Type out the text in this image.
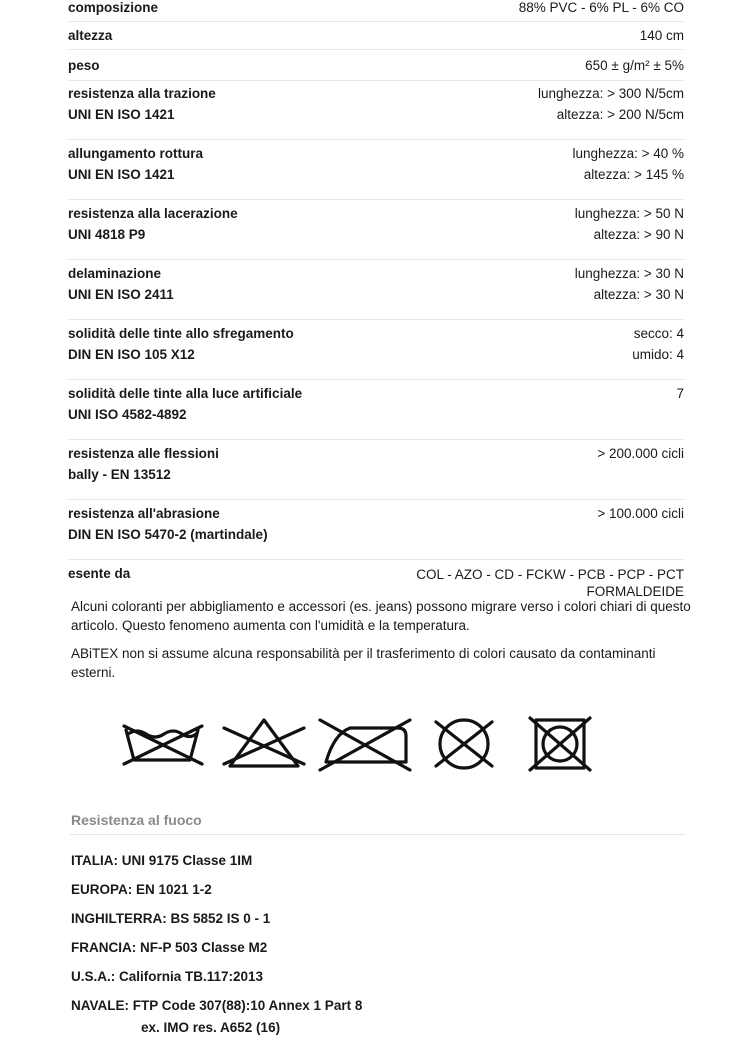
composizione	88% PVC - 6% PL - 6% CO
altezza	140 cm
peso	650 ± g/m² ± 5%
resistenza alla trazione	lunghezza: > 300 N/5cm
UNI EN ISO 1421	altezza: > 200 N/5cm
allungamento rottura	lunghezza: > 40 %
UNI EN ISO 1421	altezza: > 145 %
resistenza alla lacerazione	lunghezza: > 50 N
UNI 4818 P9	altezza: > 90 N
delaminazione	lunghezza: > 30 N
UNI EN ISO 2411	altezza: > 30 N
solidità delle tinte allo sfregamento	secco: 4
DIN EN ISO 105 X12	umido: 4
solidità delle tinte alla luce artificiale	7
UNI ISO 4582-4892
resistenza alle flessioni	> 200.000 cicli
bally - EN 13512
resistenza all'abrasione	> 100.000 cicli
DIN EN ISO 5470-2 (martindale)
esente da	COL - AZO - CD - FCKW - PCB - PCP - PCT FORMALDEIDE

Alcuni coloranti per abbigliamento e accessori (es. jeans) possono migrare verso i colori chiari di questo articolo. Questo fenomeno aumenta con l'umidità e la temperatura.

ABiTEX non si assume alcuna responsabilità per il trasferimento di colori causato da contaminanti esterni.

Resistenza al fuoco
ITALIA: UNI 9175 Classe 1IM
EUROPA: EN 1021 1-2
INGHILTERRA: BS 5852 IS 0 - 1
FRANCIA: NF-P 503 Classe M2
U.S.A.: California TB.117:2013
NAVALE: FTP Code 307(88):10 Annex 1 Part 8
ex. IMO res. A652 (16)
